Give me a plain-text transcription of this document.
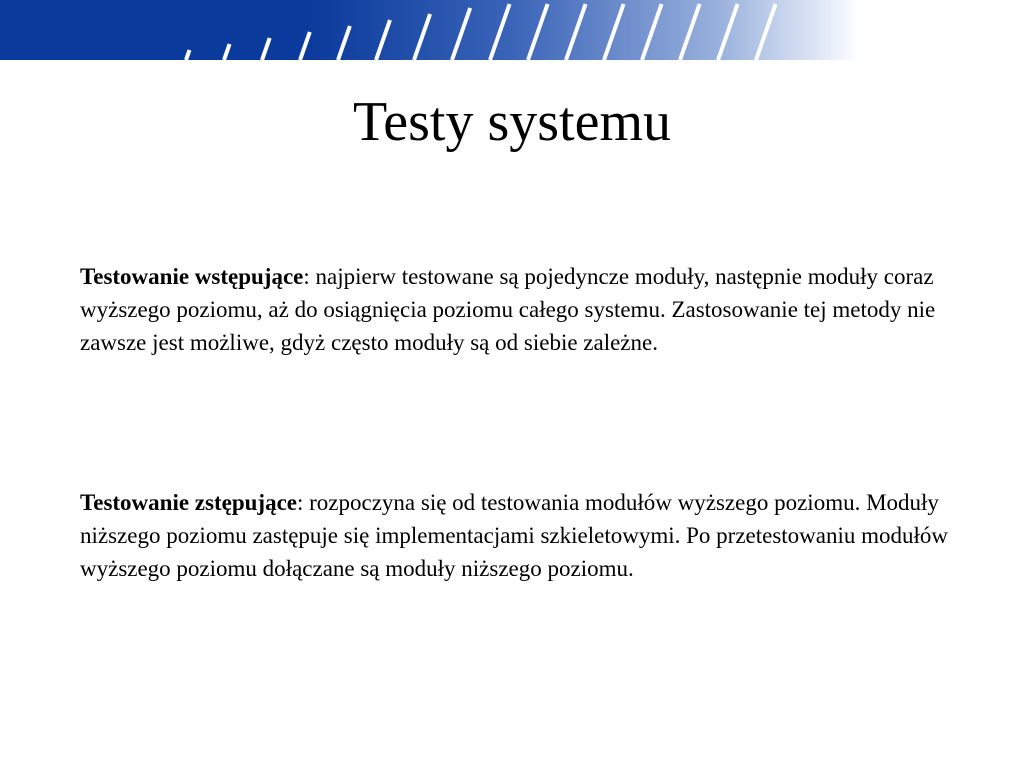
Testy systemu

Testowanie wstępujące: najpierw testowane są pojedyncze moduły, następnie moduły coraz wyższego poziomu, aż do osiągnięcia poziomu całego systemu. Zastosowanie tej metody nie zawsze jest możliwe, gdyż często moduły są od siebie zależne.

Testowanie zstępujące: rozpoczyna się od testowania modułów wyższego poziomu. Moduły niższego poziomu zastępuje się implementacjami szkieletowymi. Po przetestowaniu modułów wyższego poziomu dołączane są moduły niższego poziomu.
